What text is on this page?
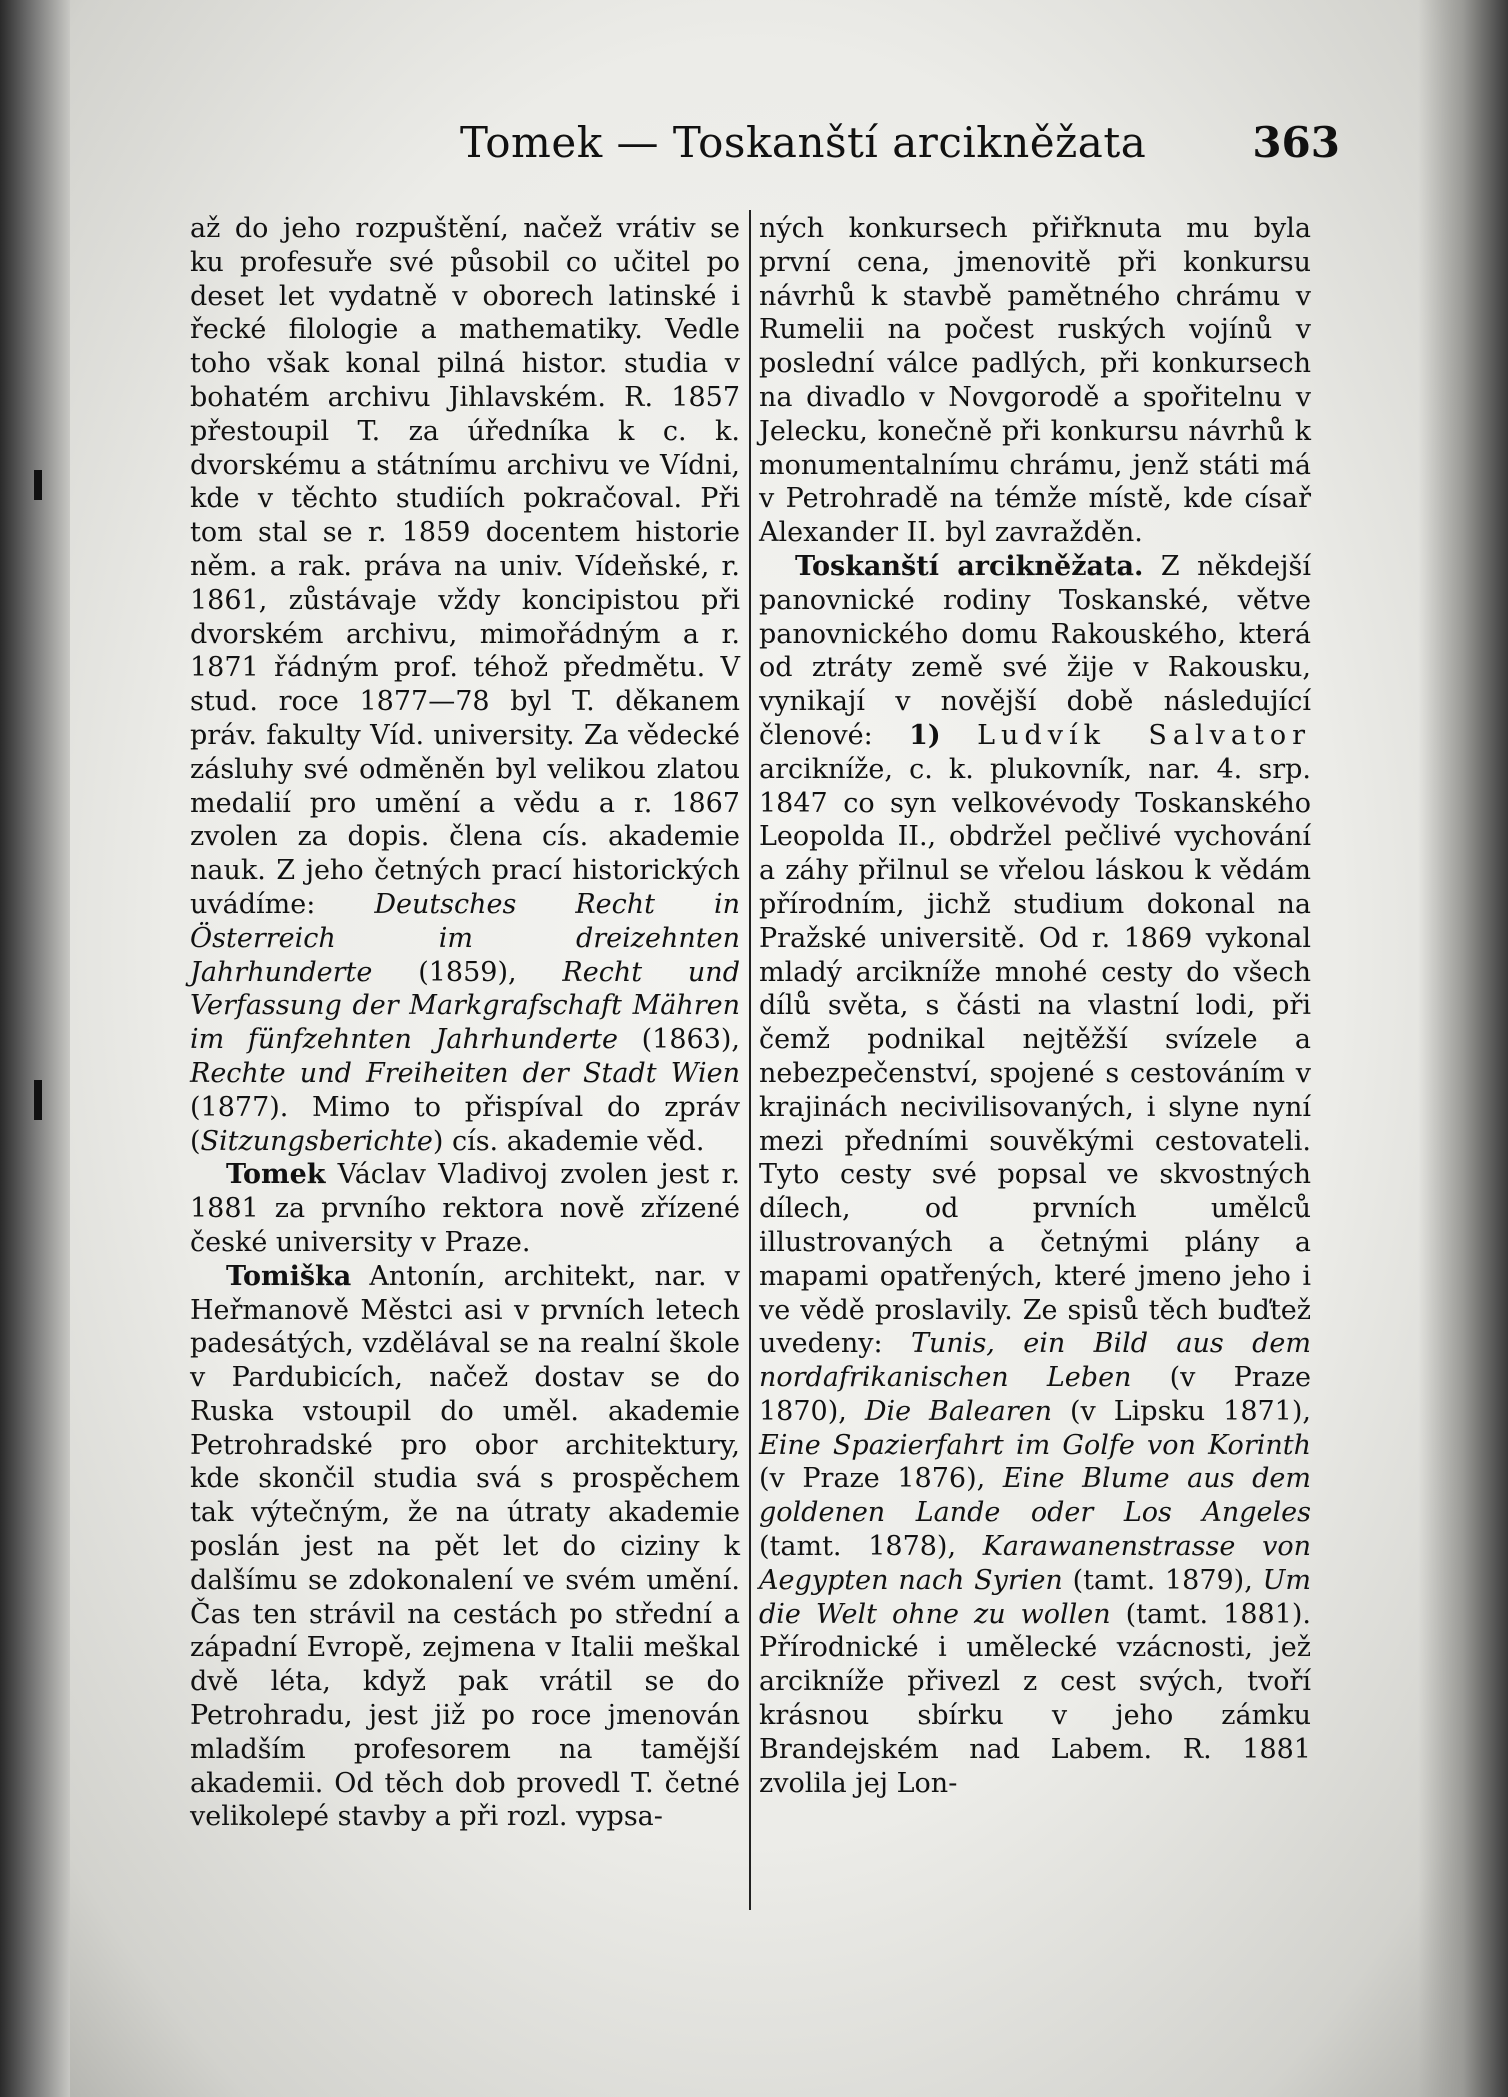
Tomek — Toskanští arcikněžata	363

až do jeho rozpuštění, načež vrátiv se ku profesuře své působil co učitel po deset let vydatně v oborech latinské i řecké filologie a mathematiky. Vedle toho však konal pilná histor. studia v bohatém archivu Jihlavském. R. 1857 přestoupil T. za úředníka k c. k. dvorskému a státnímu archivu ve Vídni, kde v těchto studiích pokračoval. Při tom stal se r. 1859 docentem historie něm. a rak. práva na univ. Vídeňské, r. 1861, zůstávaje vždy koncipistou při dvorském archivu, mimořádným a r. 1871 řádným prof. téhož předmětu. V stud. roce 1877—78 byl T. děkanem práv. fakulty Víd. university. Za vědecké zásluhy své odměněn byl velikou zlatou medalií pro umění a vědu a r. 1867 zvolen za dopis. člena cís. akademie nauk. Z jeho četných prací historických uvádíme: Deutsches Recht in Österreich im dreizehnten Jahrhunderte (1859), Recht und Verfassung der Markgrafschaft Mähren im fünfzehnten Jahrhunderte (1863), Rechte und Freiheiten der Stadt Wien (1877). Mimo to přispíval do zpráv (Sitzungsberichte) cís. akademie věd.

Tomek Václav Vladivoj zvolen jest r. 1881 za prvního rektora nově zřízené české university v Praze.

Tomiška Antonín, architekt, nar. v Heřmanově Městci asi v prvních letech padesátých, vzdělával se na realní škole v Pardubicích, načež dostav se do Ruska vstoupil do uměl. akademie Petrohradské pro obor architektury, kde skončil studia svá s prospěchem tak výtečným, že na útraty akademie poslán jest na pět let do ciziny k dalšímu se zdokonalení ve svém umění. Čas ten strávil na cestách po střední a západní Evropě, zejmena v Italii meškal dvě léta, když pak vrátil se do Petrohradu, jest již po roce jmenován mladším profesorem na tamější akademii. Od těch dob provedl T. četné velikolepé stavby a při rozl. vypsa-

ných konkursech přiřknuta mu byla první cena, jmenovitě při konkursu návrhů k stavbě pamětného chrámu v Rumelii na počest ruských vojínů v poslední válce padlých, při konkursech na divadlo v Novgorodě a spořitelnu v Jelecku, konečně při konkursu návrhů k monumentalnímu chrámu, jenž státi má v Petrohradě na témže místě, kde císař Alexander II. byl zavražděn.

Toskanští arcikněžata. Z někdejší panovnické rodiny Toskanské, větve panovnického domu Rakouského, která od ztráty země své žije v Rakousku, vynikají v novější době následující členové: 1) Ludvík Salvator arcikníže, c. k. plukovník, nar. 4. srp. 1847 co syn velkovévody Toskanského Leopolda II., obdržel pečlivé vychování a záhy přilnul se vřelou láskou k vědám přírodním, jichž studium dokonal na Pražské universitě. Od r. 1869 vykonal mladý arcikníže mnohé cesty do všech dílů světa, s části na vlastní lodi, při čemž podnikal nejtěžší svízele a nebezpečenství, spojené s cestováním v krajinách necivilisovaných, i slyne nyní mezi předními souvěkými cestovateli. Tyto cesty své popsal ve skvostných dílech, od prvních umělců illustrovaných a četnými plány a mapami opatřených, které jmeno jeho i ve vědě proslavily. Ze spisů těch buďtež uvedeny: Tunis, ein Bild aus dem nordafrikanischen Leben (v Praze 1870), Die Balearen (v Lipsku 1871), Eine Spazierfahrt im Golfe von Korinth (v Praze 1876), Eine Blume aus dem goldenen Lande oder Los Angeles (tamt. 1878), Karawanenstrasse von Aegypten nach Syrien (tamt. 1879), Um die Welt ohne zu wollen (tamt. 1881). Přírodnické i umělecké vzácnosti, jež arcikníže přivezl z cest svých, tvoří krásnou sbírku v jeho zámku Brandejském nad Labem. R. 1881 zvolila jej Lon-
